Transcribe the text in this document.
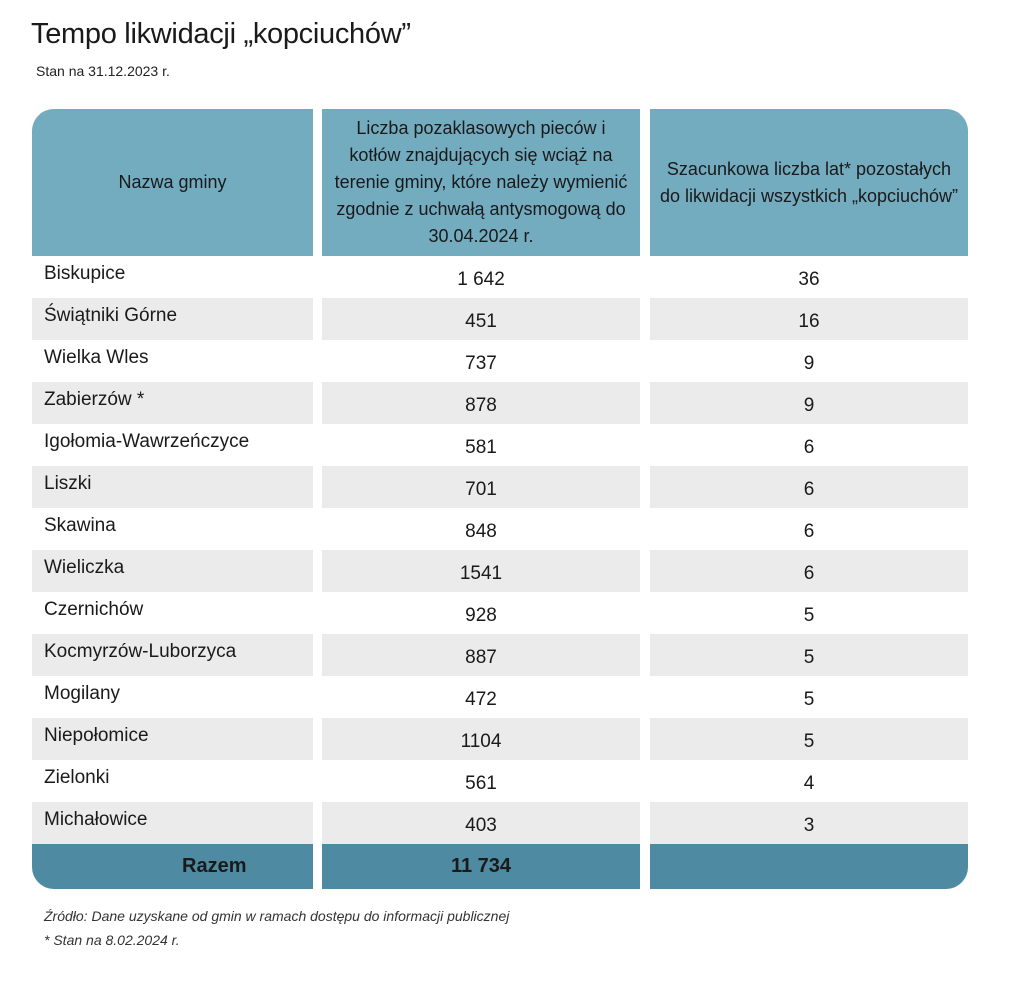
Tempo likwidacji „kopciuchów”
Stan na 31.12.2023 r.
Nazwa gminy
Liczba pozaklasowych pieców i kotłów znajdujących się wciąż na terenie gminy, które należy wymienić zgodnie z uchwałą antysmogową do 30.04.2024 r.
Szacunkowa liczba lat* pozostałych do likwidacji wszystkich „kopciuchów”
Biskupice	1 642	36
Świątniki Górne	451	16
Wielka Wles	737	9
Zabierzów *	878	9
Igołomia-Wawrzeńczyce	581	6
Liszki	701	6
Skawina	848	6
Wieliczka	1541	6
Czernichów	928	5
Kocmyrzów-Luborzyca	887	5
Mogilany	472	5
Niepołomice	1104	5
Zielonki	561	4
Michałowice	403	3
Razem	11 734
Źródło: Dane uzyskane od gmin w ramach dostępu do informacji publicznej
* Stan na 8.02.2024 r.
